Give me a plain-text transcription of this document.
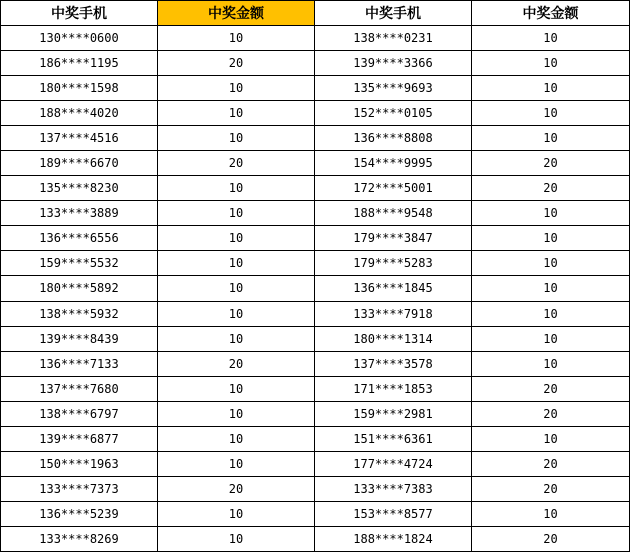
中奖手机	中奖金额	中奖手机	中奖金额
130****0600	10	138****0231	10
186****1195	20	139****3366	10
180****1598	10	135****9693	10
188****4020	10	152****0105	10
137****4516	10	136****8808	10
189****6670	20	154****9995	20
135****8230	10	172****5001	20
133****3889	10	188****9548	10
136****6556	10	179****3847	10
159****5532	10	179****5283	10
180****5892	10	136****1845	10
138****5932	10	133****7918	10
139****8439	10	180****1314	10
136****7133	20	137****3578	10
137****7680	10	171****1853	20
138****6797	10	159****2981	20
139****6877	10	151****6361	10
150****1963	10	177****4724	20
133****7373	20	133****7383	20
136****5239	10	153****8577	10
133****8269	10	188****1824	20
